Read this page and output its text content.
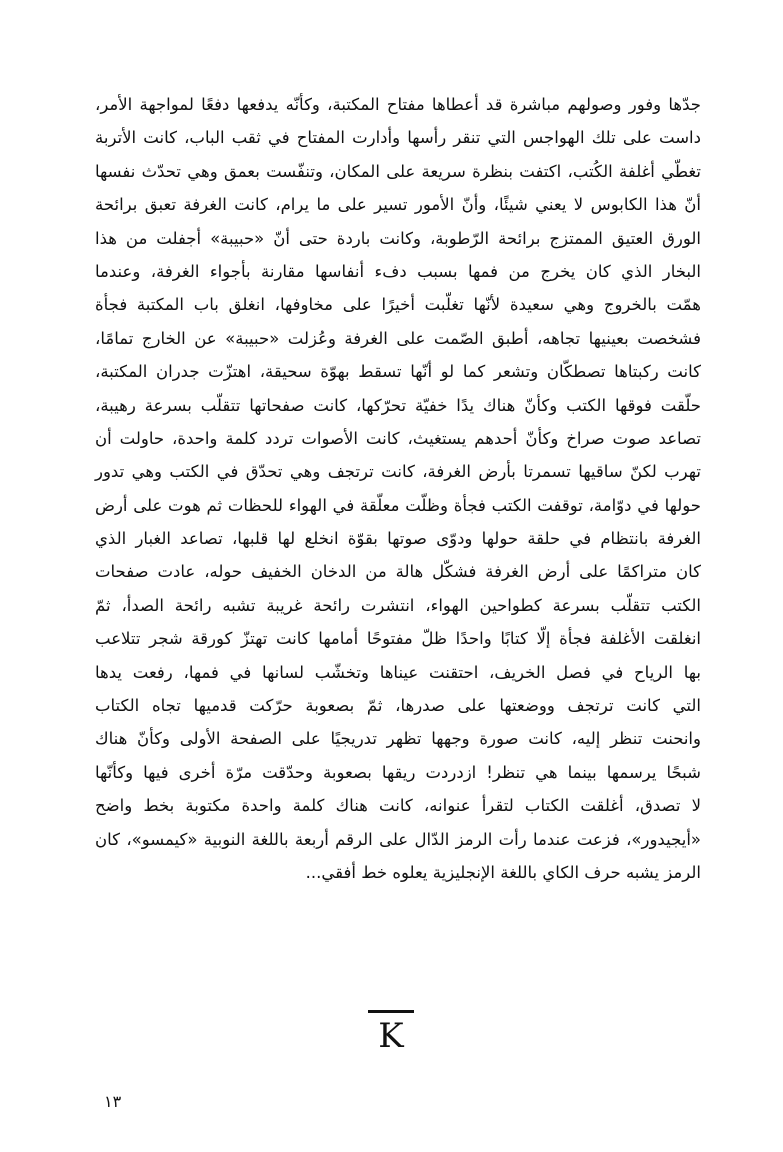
جدّها وفور وصولهم مباشرة قد أعطاها مفتاح المكتبة، وكأنّه يدفعها دفعًا لمواجهة الأمر،
داست على تلك الهواجس التي تنقر رأسها وأدارت المفتاح في ثقب الباب، كانت الأتربة
تغطّي أغلفة الكُتب، اكتفت بنظرة سريعة على المكان، وتنفّست بعمق وهي تحدّث نفسها
أنّ هذا الكابوس لا يعني شيئًا، وأنّ الأمور تسير على ما يرام، كانت الغرفة تعبق برائحة
الورق العتيق الممتزج برائحة الرّطوبة، وكانت باردة حتى أنّ «حبيبة» أجفلت من هذا
البخار الذي كان يخرج من فمها بسبب دفء أنفاسها مقارنة بأجواء الغرفة، وعندما
همّت بالخروج وهي سعيدة لأنّها تغلّبت أخيرًا على مخاوفها، انغلق باب المكتبة فجأة
فشخصت بعينيها تجاهه، أطبق الصّمت على الغرفة وعُزلت «حبيبة» عن الخارج تمامًا،
كانت ركبتاها تصطكّان وتشعر كما لو أنّها تسقط بهوّة سحيقة، اهتزّت جدران المكتبة،
حلّقت فوقها الكتب وكأنّ هناك يدًا خفيّة تحرّكها، كانت صفحاتها تتقلّب بسرعة رهيبة،
تصاعد صوت صراخ وكأنّ أحدهم يستغيث، كانت الأصوات تردد كلمة واحدة، حاولت أن
تهرب لكنّ ساقيها تسمرتا بأرض الغرفة، كانت ترتجف وهي تحدّق في الكتب وهي تدور
حولها في دوّامة، توقفت الكتب فجأة وظلّت معلّقة في الهواء للحظات ثم هوت على أرض
الغرفة بانتظام في حلقة حولها ودوّى صوتها بقوّة انخلع لها قلبها، تصاعد الغبار الذي
كان متراكمًا على أرض الغرفة فشكّل هالة من الدخان الخفيف حوله، عادت صفحات
الكتب تتقلّب بسرعة كطواحين الهواء، انتشرت رائحة غريبة تشبه رائحة الصدأ، ثمّ
انغلقت الأغلفة فجأة إلّا كتابًا واحدًا ظلّ مفتوحًا أمامها كانت تهتزّ كورقة شجر تتلاعب
بها الرياح في فصل الخريف، احتقنت عيناها وتخشّب لسانها في فمها، رفعت يدها
التي كانت ترتجف ووضعتها على صدرها، ثمّ بصعوبة حرّكت قدميها تجاه الكتاب
وانحنت تنظر إليه، كانت صورة وجهها تظهر تدريجيًا على الصفحة الأولى وكأنّ هناك
شبحًا يرسمها بينما هي تنظر! ازدردت ريقها بصعوبة وحدّقت مرّة أخرى فيها وكأنّها
لا تصدق، أغلقت الكتاب لتقرأ عنوانه، كانت هناك كلمة واحدة مكتوبة بخط واضح
«أيجيدور»، فزعت عندما رأت الرمز الدّال على الرقم أربعة باللغة النوبية «كيمسو»، كان
الرمز يشبه حرف الكاي باللغة الإنجليزية يعلوه خط أفقي...
K
١٣
